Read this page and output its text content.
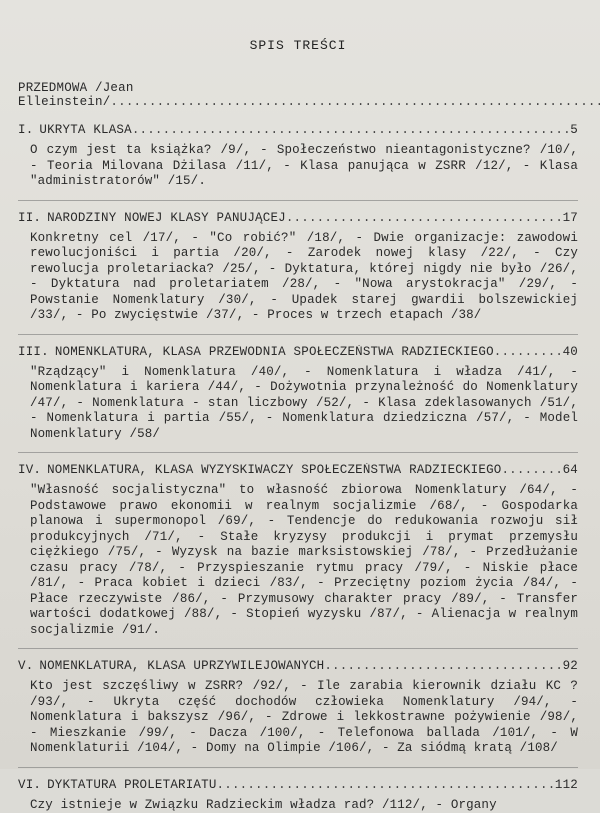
SPIS TREŚCI
PRZEDMOWA /Jean Elleinstein/ .....
I. UKRYTA KLASA .....	5
O czym jest ta książka? /9/, - Społeczeństwo nieantagonistyczne? /10/, - Teoria Milovana Dżilasa /11/, - Klasa panująca w ZSRR /12/, - Klasa "administratorów" /15/.
II. NARODZINY NOWEJ KLASY PANUJĄCEJ .....	17
Konkretny cel /17/, - "Co robić?" /18/, - Dwie organizacje: zawodowi rewolucjoniści i partia /20/, - Zarodek nowej klasy /22/, - Czy rewolucja proletariacka? /25/, - Dyktatura, której nigdy nie było /26/, - Dyktatura nad proletariatem /28/, - "Nowa arystokracja" /29/, - Powstanie Nomenklatury /30/, - Upadek starej gwardii bolszewickiej /33/, - Po zwycięstwie /37/, - Proces w trzech etapach /38/
III. NOMENKLATURA, KLASA PRZEWODNIA SPOŁECZEŃSTWA RADZIECKIEGO .....	40
"Rządzący" i Nomenklatura /40/, - Nomenklatura i władza /41/, - Nomenklatura i kariera /44/, - Dożywotnia przynależność do Nomenklatury /47/, - Nomenklatura - stan liczbowy /52/, - Klasa zdeklasowanych /51/, - Nomenklatura i partia /55/, - Nomenklatura dziedziczna /57/, - Model Nomenklatury /58/
IV. NOMENKLATURA, KLASA WYZYSKIWACZY SPOŁECZEŃSTWA RADZIECKIEGO .....	64
"Własność socjalistyczna" to własność zbiorowa Nomenklatury /64/, - Podstawowe prawo ekonomii w realnym socjalizmie /68/, - Gospodarka planowa i supermonopol /69/, - Tendencje do redukowania rozwoju sił produkcyjnych /71/, - Stałe kryzysy produkcji i prymat przemysłu ciężkiego /75/, - Wyzysk na bazie marksistowskiej /78/, - Przedłużanie czasu pracy /78/, - Przyspieszanie rytmu pracy /79/, - Niskie płace /81/, - Praca kobiet i dzieci /83/, - Przeciętny poziom życia /84/, - Płace rzeczywiste /86/, - Przymusowy charakter pracy /89/, - Transfer wartości dodatkowej /88/, - Stopień wyzysku /87/, - Alienacja w realnym socjalizmie /91/.
V. NOMENKLATURA, KLASA UPRZYWILEJOWANYCH .....	92
Kto jest szczęśliwy w ZSRR? /92/, - Ile zarabia kierownik działu KC ? /93/, - Ukryta część dochodów człowieka Nomenklatury /94/, - Nomenklatura i bakszysz /96/, - Zdrowe i lekkostrawne pożywienie /98/, - Mieszkanie /99/, - Dacza /100/, - Telefonowa ballada /101/, - W Nomenklaturii /104/, - Domy na Olimpie /106/, - Za siódmą kratą /108/
VI. DYKTATURA PROLETARIATU .....	112
Czy istnieje w Związku Radzieckim władza rad? /112/, - Organy
